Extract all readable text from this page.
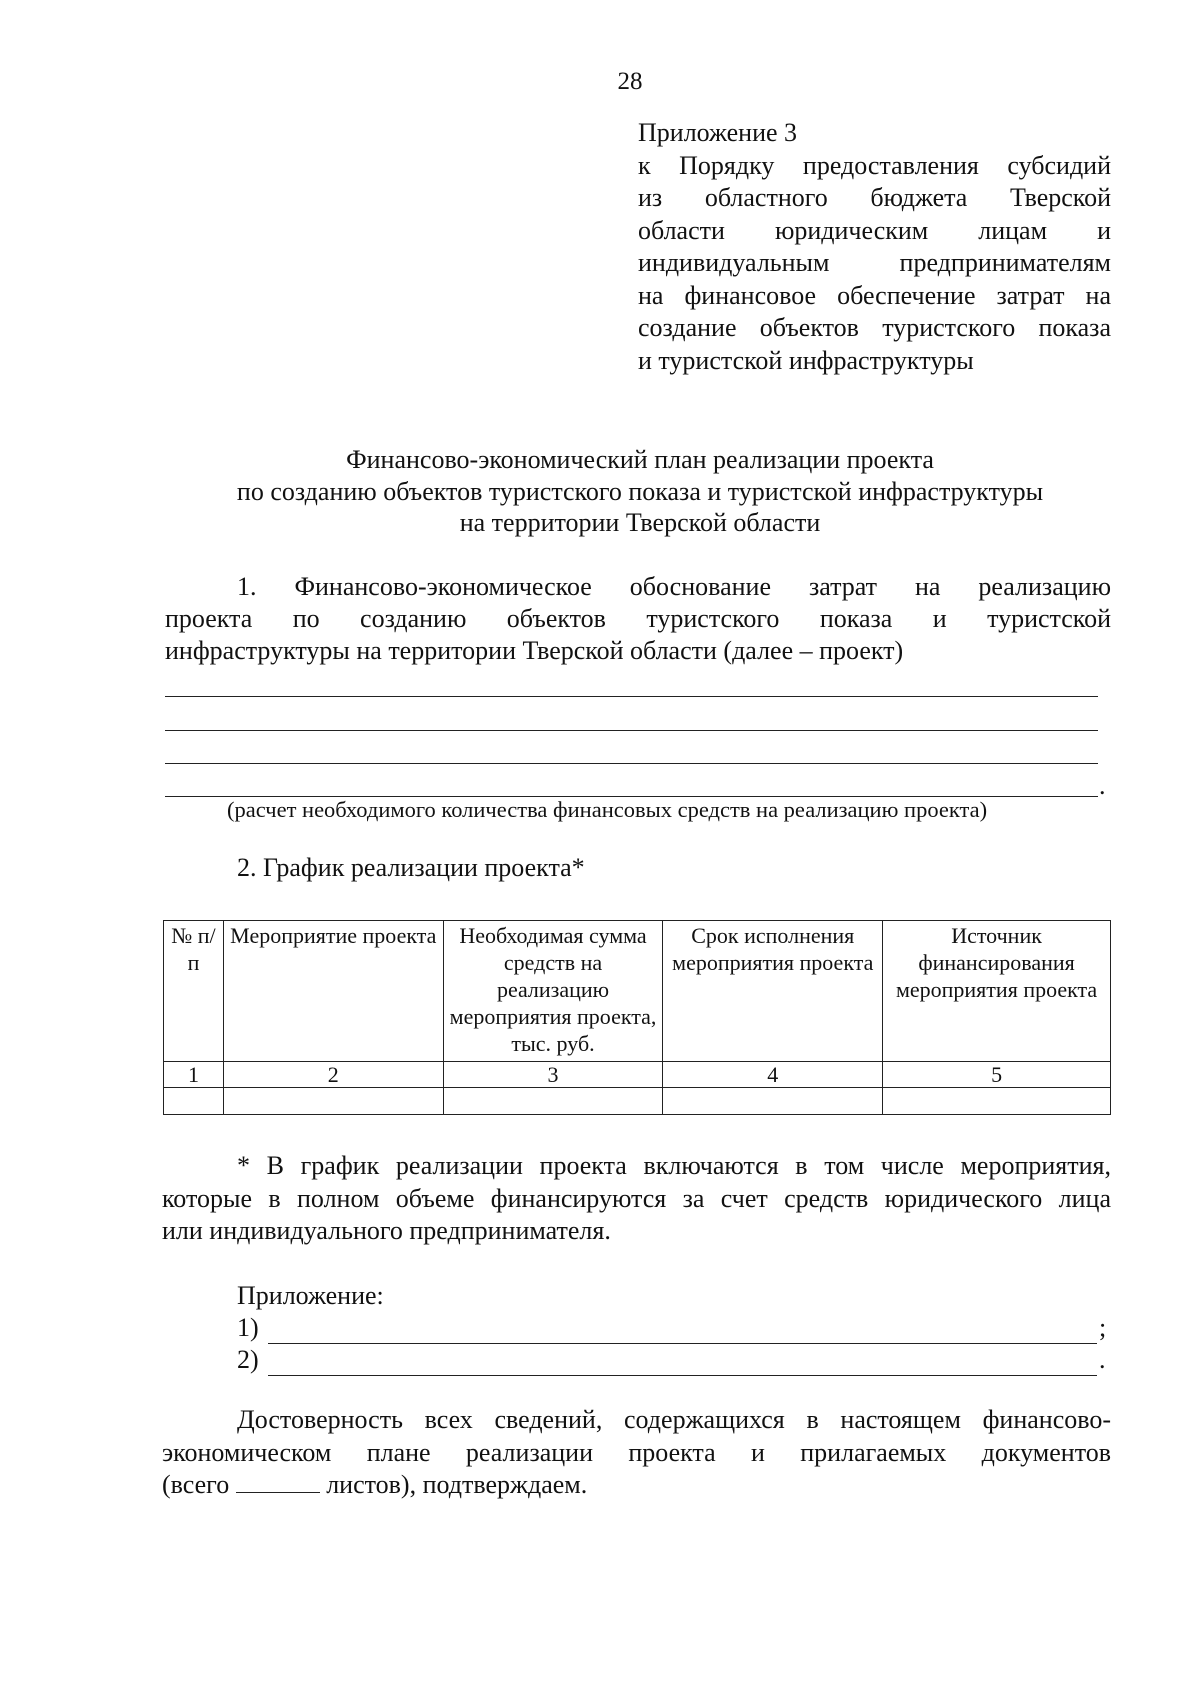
28
Приложение 3
к Порядку предоставления субсидий
из областного бюджета Тверской
области юридическим лицам и
индивидуальным предпринимателям
на финансовое обеспечение затрат на
создание объектов туристского показа
и туристской инфраструктуры
Финансово-экономический план реализации проекта
по созданию объектов туристского показа и туристской инфраструктуры
на территории Тверской области
1. Финансово-экономическое обоснование затрат на реализацию
проекта по созданию объектов туристского показа и туристской
инфраструктуры на территории Тверской области (далее – проект)
.
(расчет необходимого количества финансовых средств на реализацию проекта)
2. График реализации проекта*
№ п/п	Мероприятие проекта	Необходимая сумма средств на реализацию мероприятия проекта, тыс. руб.	Срок исполнения мероприятия проекта	Источник финансирования мероприятия проекта
1	2	3	4	5

* В график реализации проекта включаются в том числе мероприятия,
которые в полном объеме финансируются за счет средств юридического лица
или индивидуального предпринимателя.
Приложение:
1)	;
2)	.
Достоверность всех сведений, содержащихся в настоящем финансово-
экономическом плане реализации проекта и прилагаемых документов
(всего	листов), подтверждаем.
